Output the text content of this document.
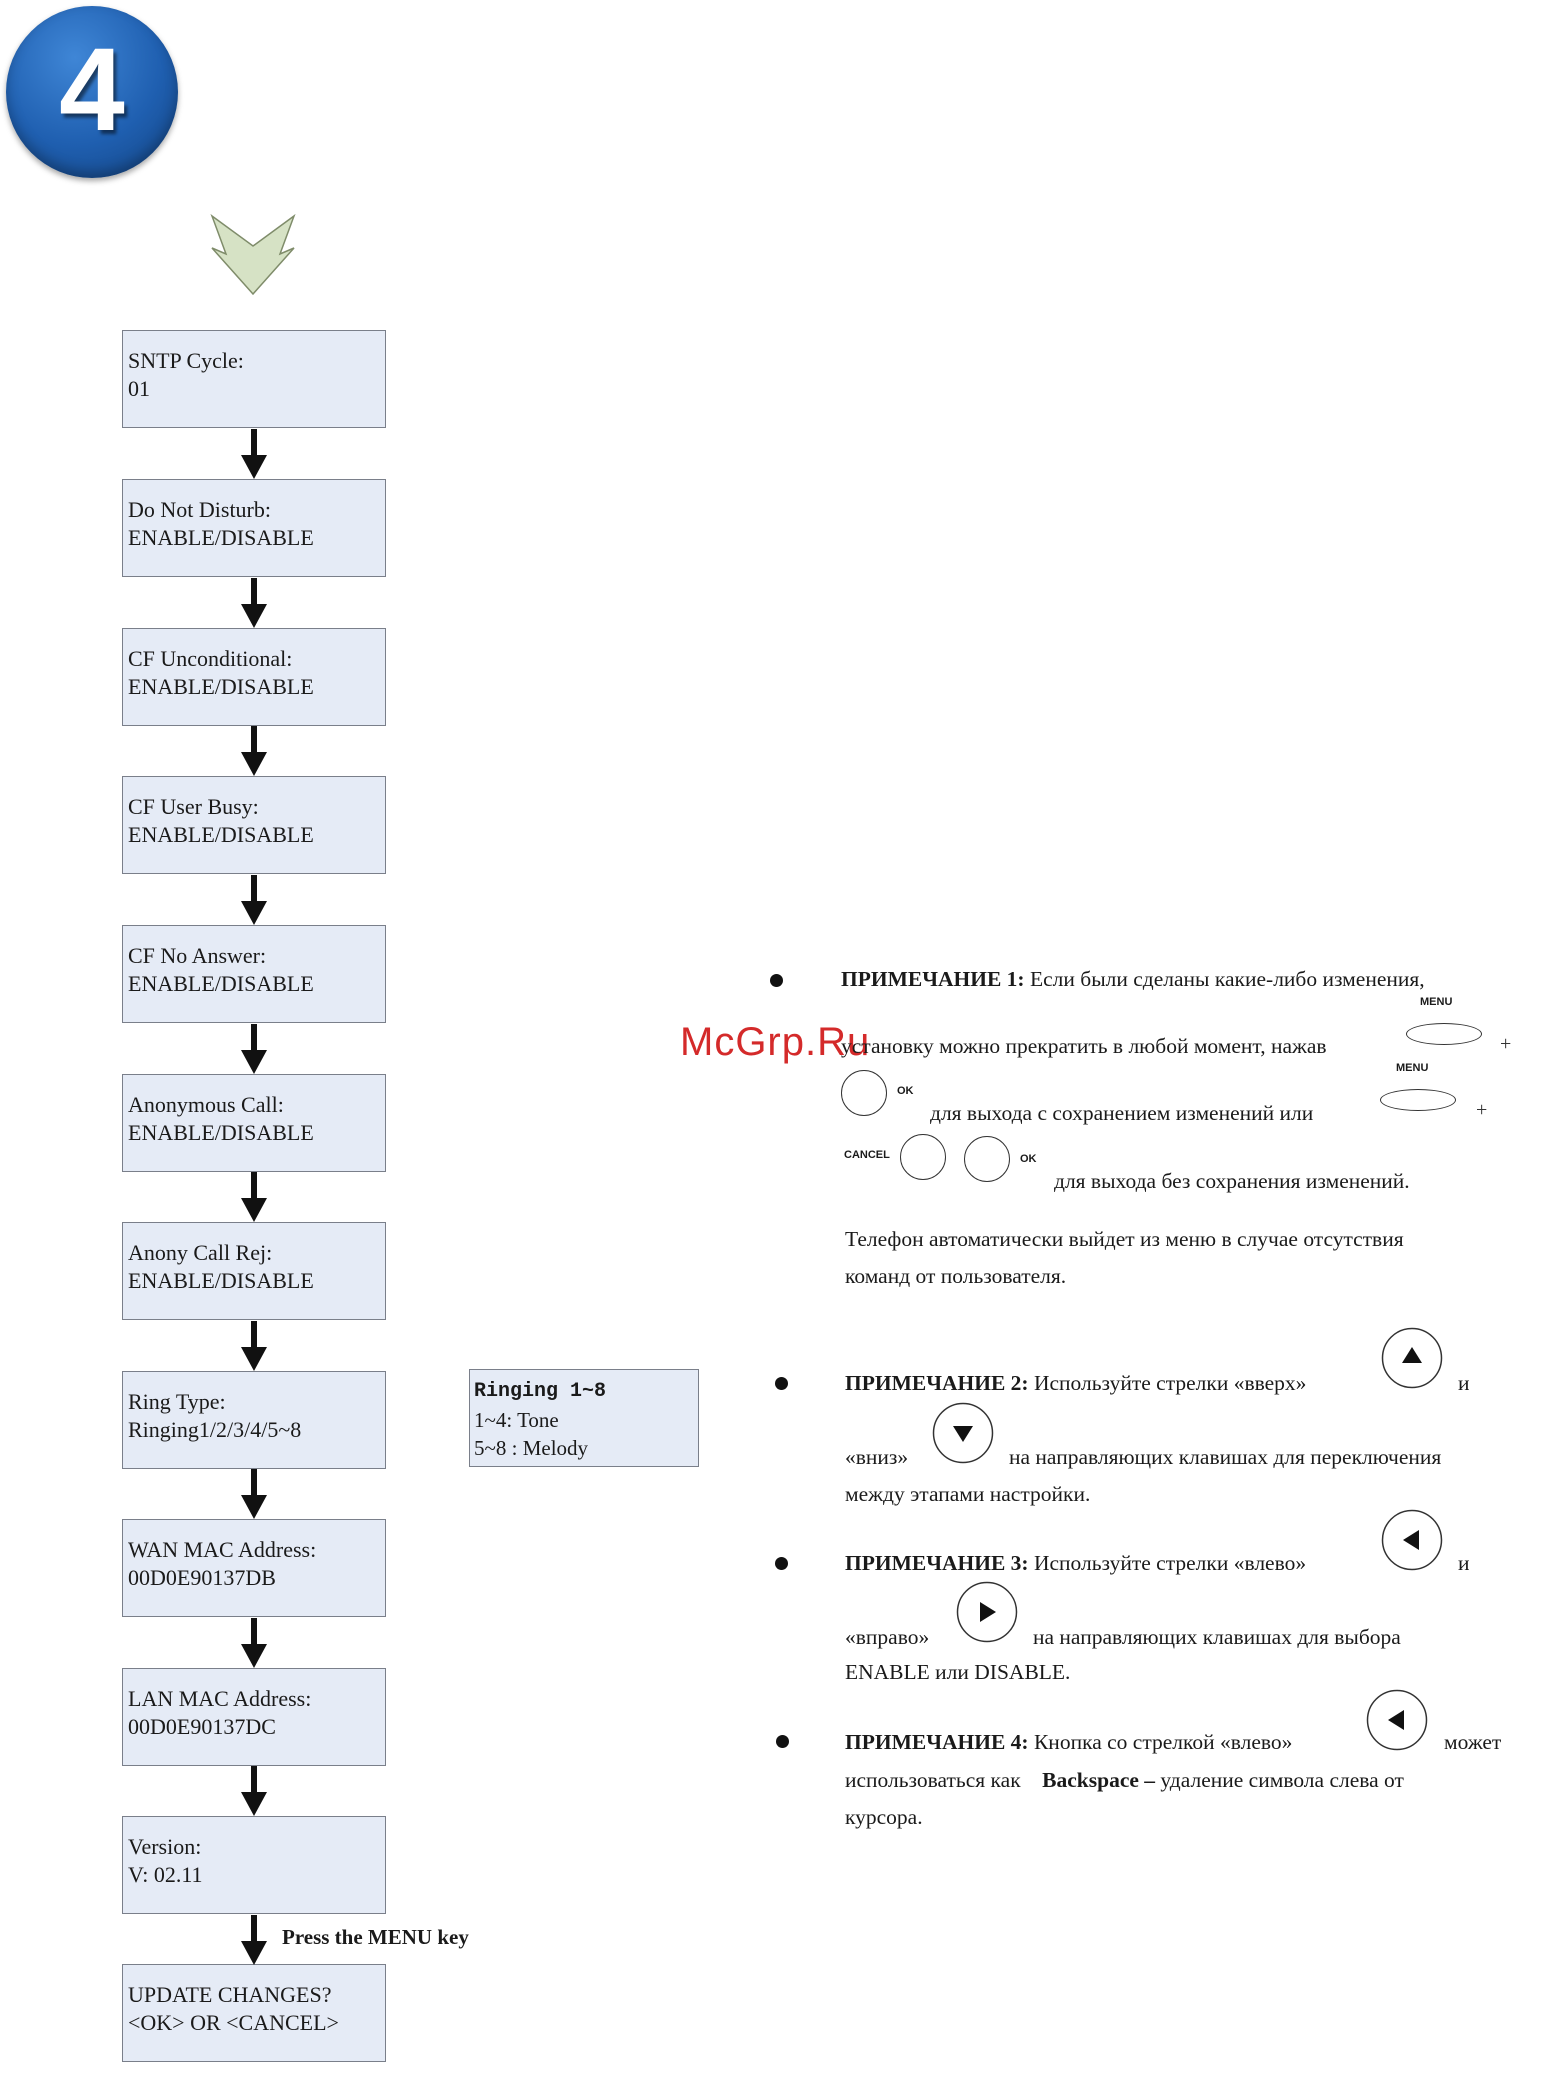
4
SNTP Cycle:
01
Do Not Disturb:
ENABLE/DISABLE
CF Unconditional:
ENABLE/DISABLE
CF User Busy:
ENABLE/DISABLE
CF No Answer:
ENABLE/DISABLE
Anonymous Call:
ENABLE/DISABLE
Anony Call Rej:
ENABLE/DISABLE
Ring Type:
Ringing1/2/3/4/5~8
WAN MAC Address:
00D0E90137DB
LAN MAC Address:
00D0E90137DC
Version:
V: 02.11
UPDATE CHANGES?
<OK> OR <CANCEL>
Press the MENU key
Ringing 1~8
1~4: Tone
5~8 : Melody
McGrp.Ru
ПРИМЕЧАНИЕ 1: Если были сделаны какие-либо изменения,
MENU
+
установку можно прекратить в любой момент, нажав
OK
для выхода с сохранением изменений или
MENU
+
CANCEL	OK
для выхода без сохранения изменений.
Телефон автоматически выйдет из меню в случае отсутствия
команд от пользователя.
ПРИМЕЧАНИЕ 2: Используйте стрелки «вверх»	и
«вниз»	на направляющих клавишах для переключения
между этапами настройки.
ПРИМЕЧАНИЕ 3: Используйте стрелки «влево»	и
«вправо»	на направляющих клавишах для выбора
ENABLE или DISABLE.
ПРИМЕЧАНИЕ 4: Кнопка со стрелкой «влево»	может
использоваться как Backspace – удаление символа слева от
курсора.
